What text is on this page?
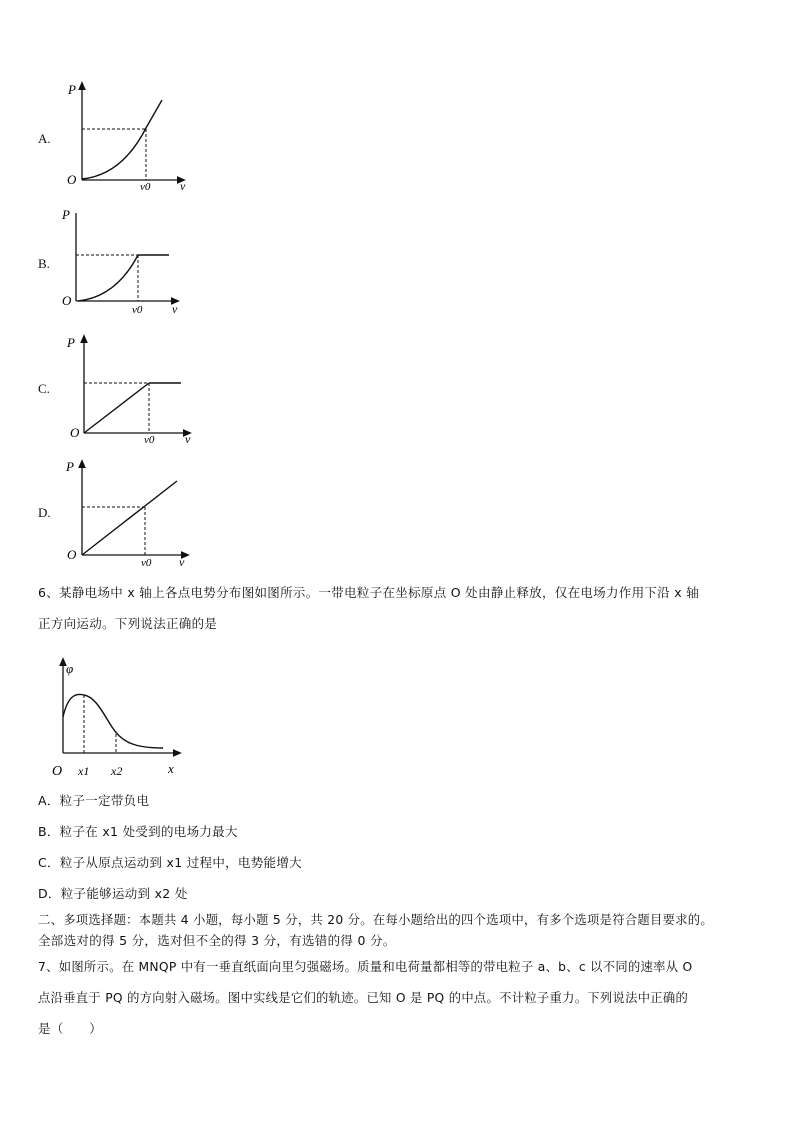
A.
P
O	v0 v
B.
P
O
v0 v
C.
P
O	v0	v
D.
P
O
v0 v
6、某静电场中 x 轴上各点电势分布图如图所示。一带电粒子在坐标原点 O 处由静止释放，仅在电场力作用下沿 x 轴
正方向运动。下列说法正确的是
φ
O x1 x2	x
A．粒子一定带负电
B．粒子在 x1 处受到的电场力最大
C．粒子从原点运动到 x1 过程中，电势能增大
D．粒子能够运动到 x2 处
二、多项选择题：本题共 4 小题，每小题 5 分，共 20 分。在每小题给出的四个选项中，有多个选项是符合题目要求的。
全部选对的得 5 分，选对但不全的得 3 分，有选错的得 0 分。
7、如图所示。在 MNQP 中有一垂直纸面向里匀强磁场。质量和电荷量都相等的带电粒子 a、b、c 以不同的速率从 O
点沿垂直于 PQ 的方向射入磁场。图中实线是它们的轨迹。已知 O 是 PQ 的中点。不计粒子重力。下列说法中正确的
是（　　）
